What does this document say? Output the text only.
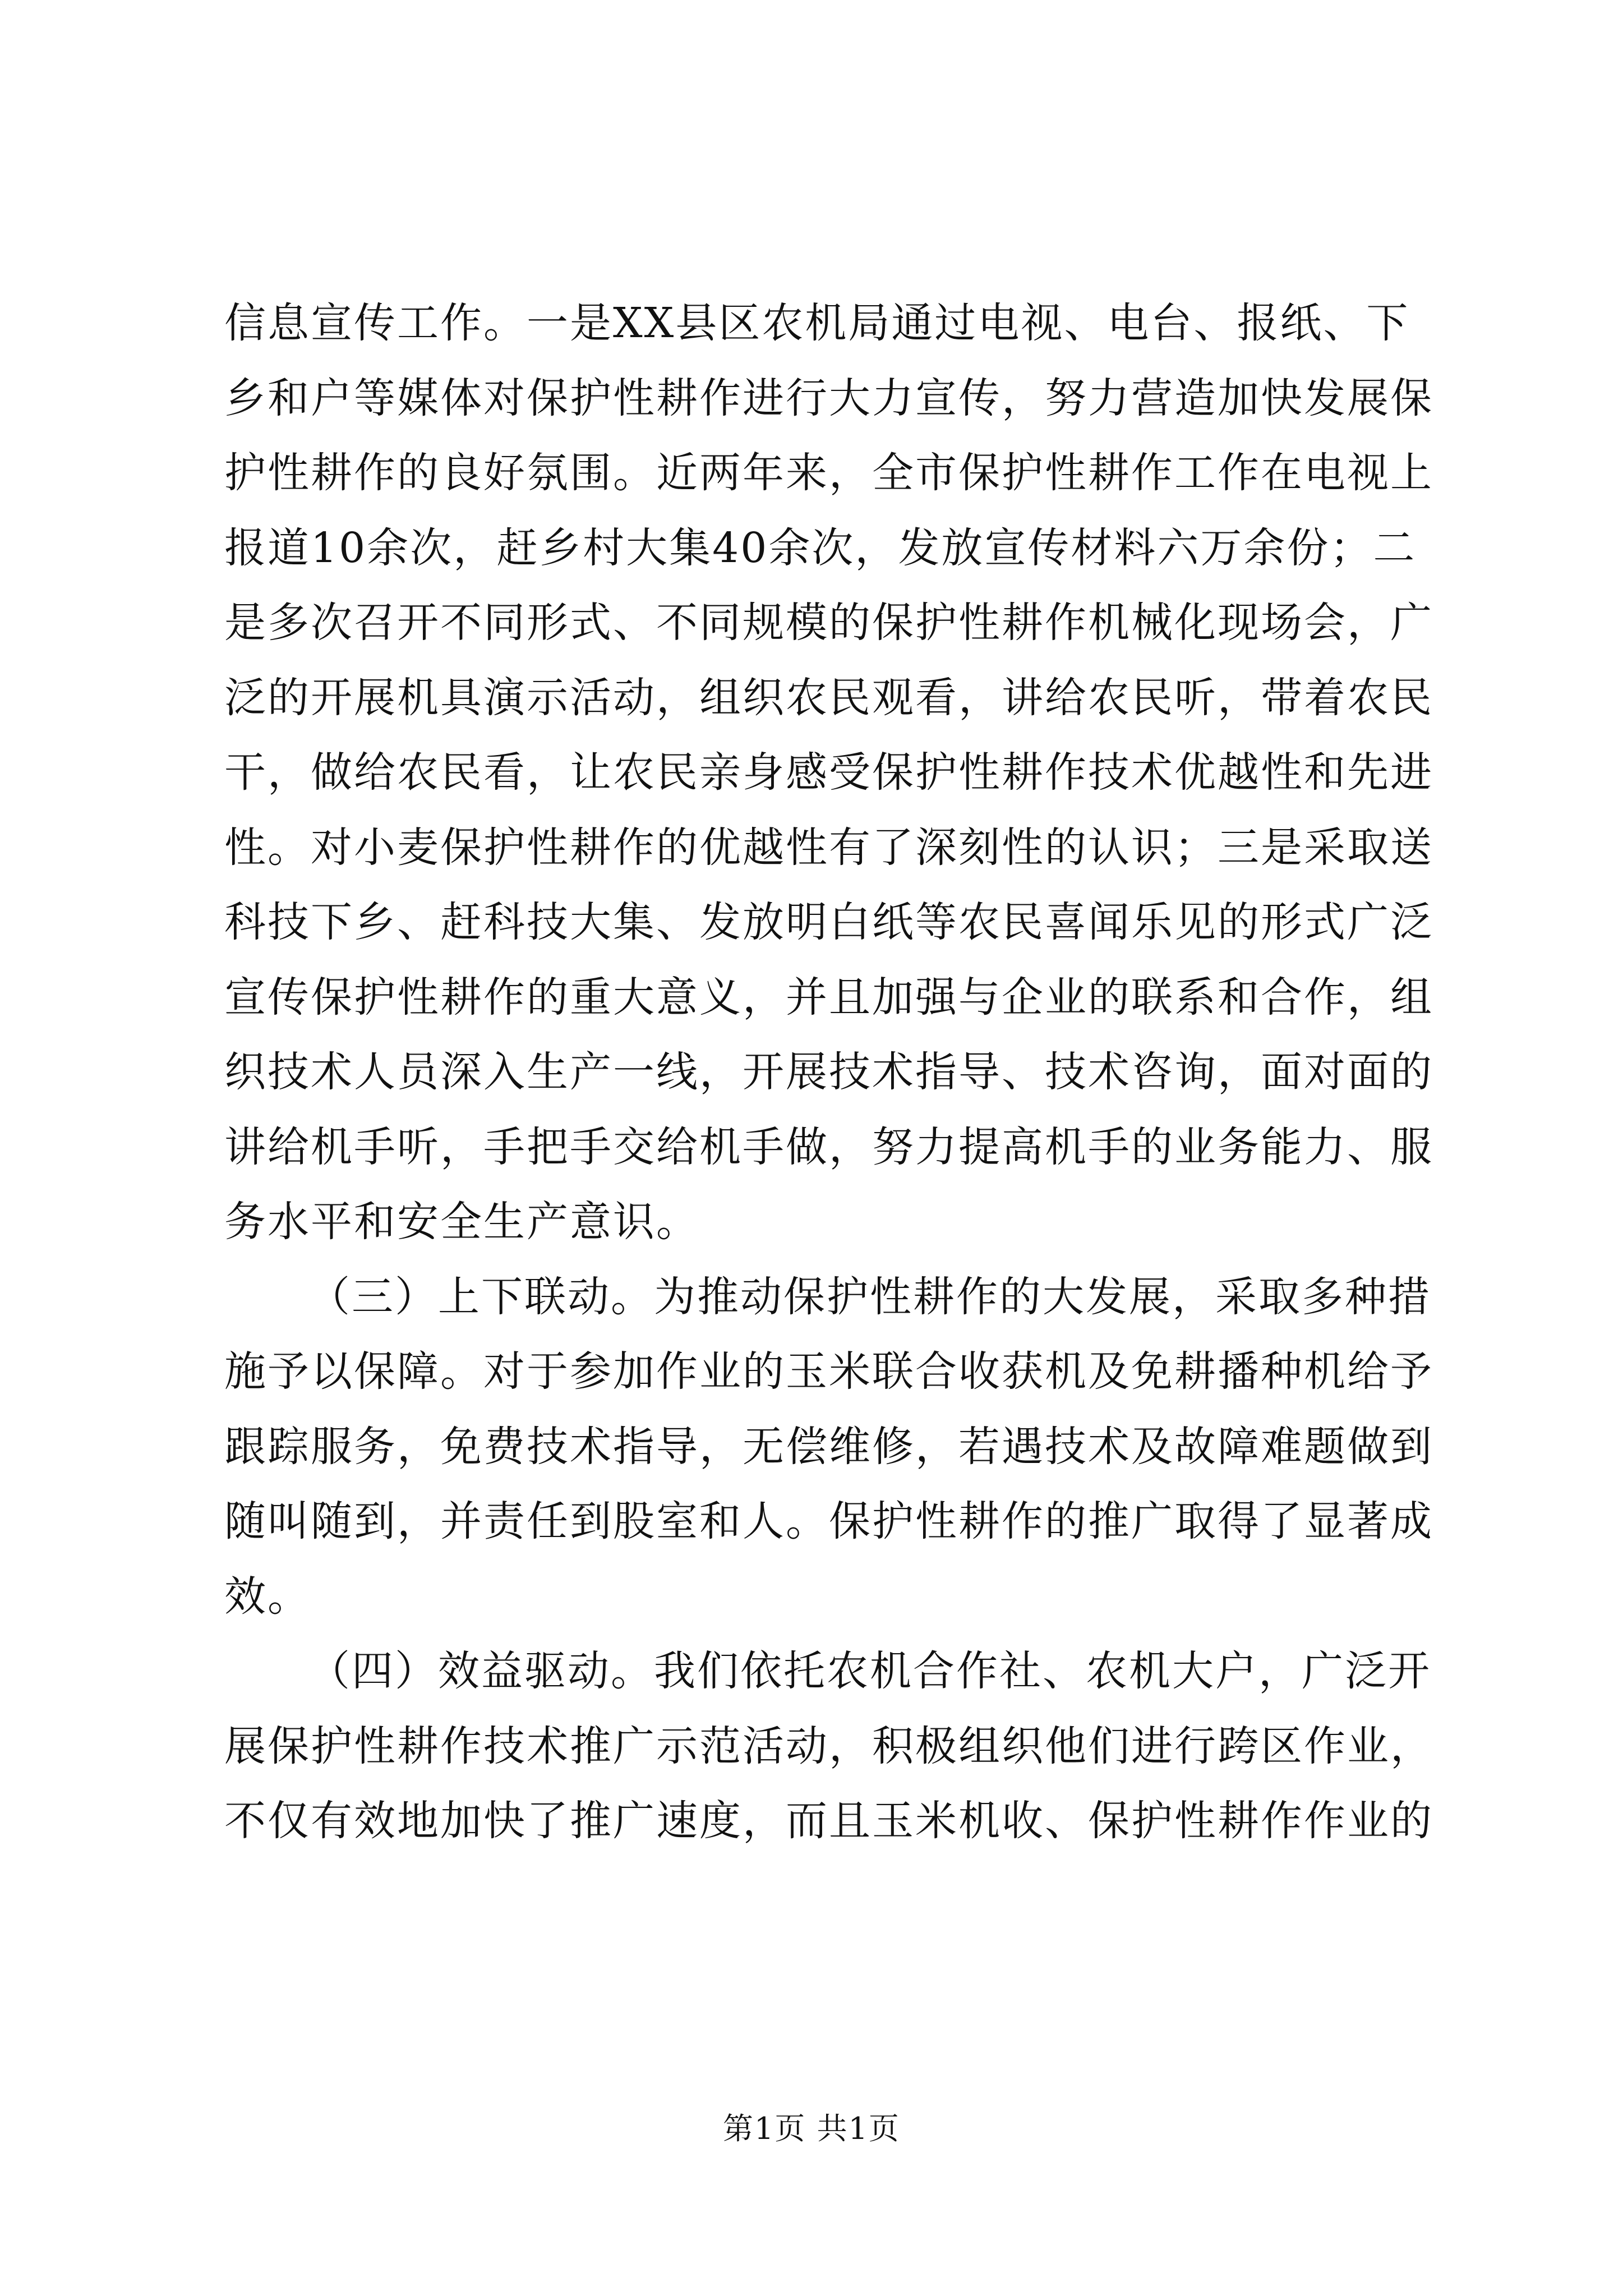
信息宣传工作。一是XX县区农机局通过电视、电台、报纸、下
乡和户等媒体对保护性耕作进行大力宣传，努力营造加快发展保
护性耕作的良好氛围。近两年来，全市保护性耕作工作在电视上
报道10余次，赶乡村大集40余次，发放宣传材料六万余份；二
是多次召开不同形式、不同规模的保护性耕作机械化现场会，广
泛的开展机具演示活动，组织农民观看，讲给农民听，带着农民
干，做给农民看，让农民亲身感受保护性耕作技术优越性和先进
性。对小麦保护性耕作的优越性有了深刻性的认识；三是采取送
科技下乡、赶科技大集、发放明白纸等农民喜闻乐见的形式广泛
宣传保护性耕作的重大意义，并且加强与企业的联系和合作，组
织技术人员深入生产一线，开展技术指导、技术咨询，面对面的
讲给机手听，手把手交给机手做，努力提高机手的业务能力、服
务水平和安全生产意识。
（三）上下联动。为推动保护性耕作的大发展，采取多种措
施予以保障。对于参加作业的玉米联合收获机及免耕播种机给予
跟踪服务，免费技术指导，无偿维修，若遇技术及故障难题做到
随叫随到，并责任到股室和人。保护性耕作的推广取得了显著成
效。
（四）效益驱动。我们依托农机合作社、农机大户，广泛开
展保护性耕作技术推广示范活动，积极组织他们进行跨区作业，
不仅有效地加快了推广速度，而且玉米机收、保护性耕作作业的
第1页 共1页
